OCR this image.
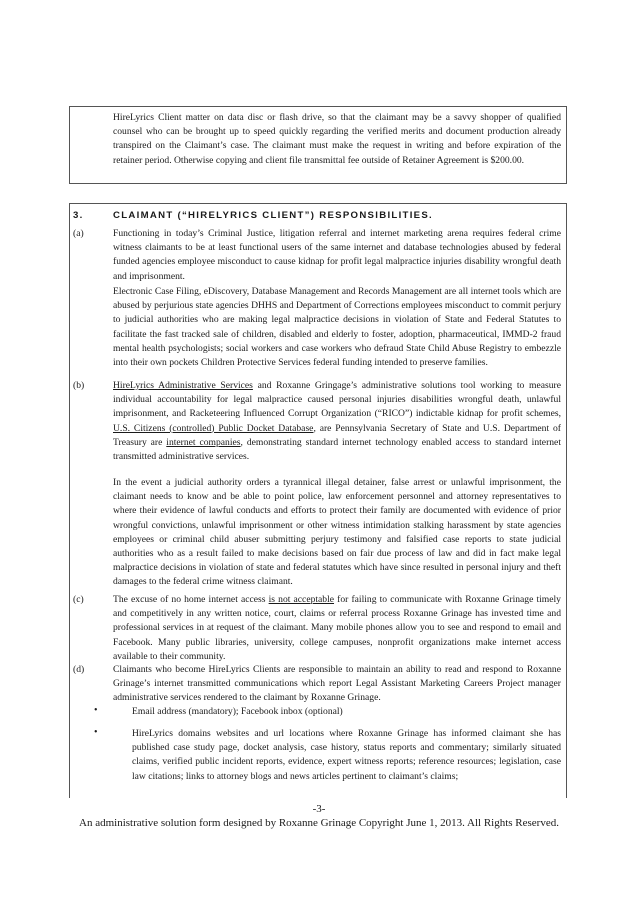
HireLyrics Client matter on data disc or flash drive, so that the claimant may be a savvy shopper of qualified counsel who can be brought up to speed quickly regarding the verified merits and document production already transpired on the Claimant’s case. The claimant must make the request in writing and before expiration of the retainer period. Otherwise copying and client file transmittal fee outside of Retainer Agreement is $200.00.

3.	CLAIMANT (“HIRELYRICS CLIENT”) RESPONSIBILITIES.
(a)	Functioning in today’s Criminal Justice, litigation referral and internet marketing arena requires federal crime witness claimants to be at least functional users of the same internet and database technologies abused by federal funded agencies employee misconduct to cause kidnap for profit legal malpractice injuries disability wrongful death and imprisonment.

Electronic Case Filing, eDiscovery, Database Management and Records Management are all internet tools which are abused by perjurious state agencies DHHS and Department of Corrections employees misconduct to commit perjury to judicial authorities who are making legal malpractice decisions in violation of State and Federal Statutes to facilitate the fast tracked sale of children, disabled and elderly to foster, adoption, pharmaceutical, IMMD-2 fraud mental health psychologists; social workers and case workers who defraud State Child Abuse Registry to embezzle into their own pockets Children Protective Services federal funding intended to preserve families.

(b)	HireLyrics Administrative Services and Roxanne Gringage’s administrative solutions tool working to measure individual accountability for legal malpractice caused personal injuries disabilities wrongful death, unlawful imprisonment, and Racketeering Influenced Corrupt Organization (“RICO”) indictable kidnap for profit schemes, U.S. Citizens (controlled) Public Docket Database, are Pennsylvania Secretary of State and U.S. Department of Treasury are internet companies, demonstrating standard internet technology enabled access to standard internet transmitted administrative services.

In the event a judicial authority orders a tyrannical illegal detainer, false arrest or unlawful imprisonment, the claimant needs to know and be able to point police, law enforcement personnel and attorney representatives to where their evidence of lawful conducts and efforts to protect their family are documented with evidence of prior wrongful convictions, unlawful imprisonment or other witness intimidation stalking harassment by state agencies employees or criminal child abuser submitting perjury testimony and falsified case reports to state judicial authorities who as a result failed to make decisions based on fair due process of law and did in fact make legal malpractice decisions in violation of state and federal statutes which have since resulted in personal injury and theft damages to the federal crime witness claimant.

(c)	The excuse of no home internet access is not acceptable for failing to communicate with Roxanne Grinage timely and competitively in any written notice, court, claims or referral process Roxanne Grinage has invested time and professional services in at request of the claimant. Many mobile phones allow you to see and respond to email and Facebook. Many public libraries, university, college campuses, nonprofit organizations make internet access available to their community.

(d)	Claimants who become HireLyrics Clients are responsible to maintain an ability to read and respond to Roxanne Grinage’s internet transmitted communications which report Legal Assistant Marketing Careers Project manager administrative services rendered to the claimant by Roxanne Grinage.

•	Email address (mandatory); Facebook inbox (optional)

•	HireLyrics domains websites and url locations where Roxanne Grinage has informed claimant she has published case study page, docket analysis, case history, status reports and commentary; similarly situated claims, verified public incident reports, evidence, expert witness reports; reference resources; legislation, case law citations; links to attorney blogs and news articles pertinent to claimant’s claims;

-3-
An administrative solution form designed by Roxanne Grinage Copyright June 1, 2013. All Rights Reserved.
